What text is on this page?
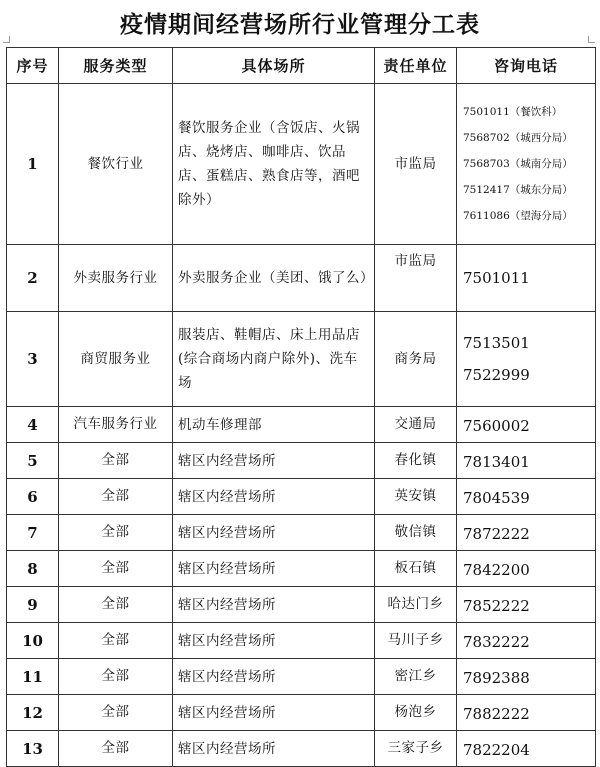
疫情期间经营场所行业管理分工表
序号	服务类型	具体场所	责任单位	咨询电话
1	餐饮行业	餐饮服务企业（含饭店、火锅店、烧烤店、咖啡店、饮品店、蛋糕店、熟食店等，酒吧除外）	市监局	7501011（餐饮科）
7568702（城西分局）
7568703（城南分局）
7512417（城东分局）
7611086（望海分局）

2	外卖服务行业	外卖服务企业（美团、饿了么）	市监局	7501011

3	商贸服务业	服装店、鞋帽店、床上用品店(综合商场内商户除外)、洗车场	商务局	7513501
7522999

4	汽车服务行业	机动车修理部	交通局	7560002

5	全部	辖区内经营场所	春化镇	7813401

6	全部	辖区内经营场所	英安镇	7804539

7	全部	辖区内经营场所	敬信镇	7872222

8	全部	辖区内经营场所	板石镇	7842200

9	全部	辖区内经营场所	哈达门乡	7852222

10	全部	辖区内经营场所	马川子乡	7832222

11	全部	辖区内经营场所	密江乡	7892388

12	全部	辖区内经营场所	杨泡乡	7882222

13	全部	辖区内经营场所	三家子乡	7822204
